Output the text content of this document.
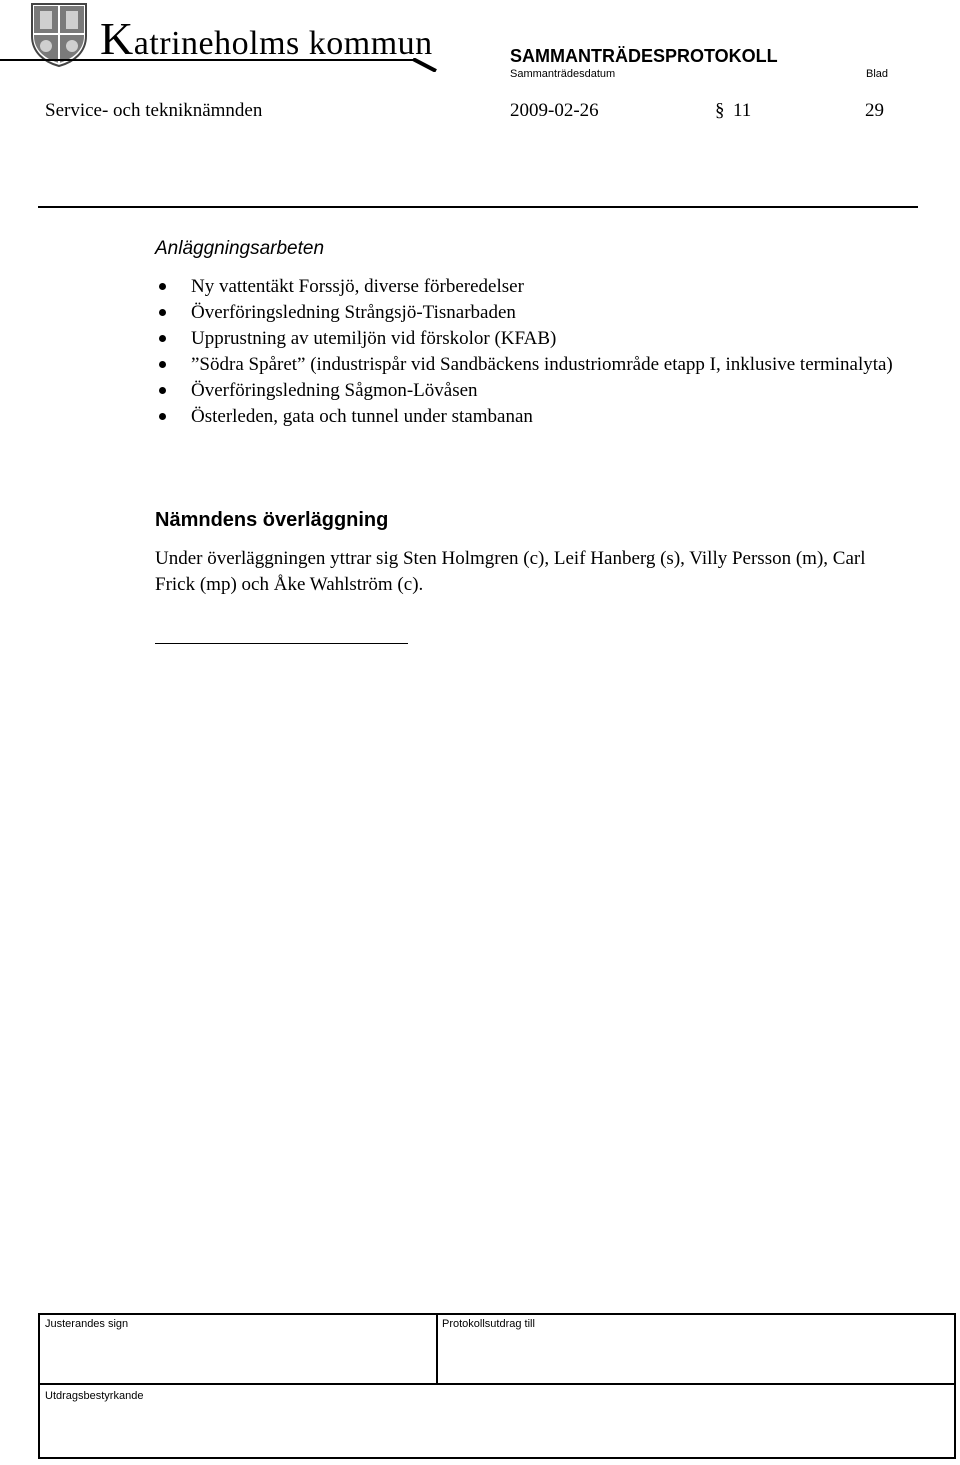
Katrineholms kommun	SAMMANTRÄDESPROTOKOLL
Sammanträdesdatum	Blad
Service- och tekniknämnden	2009-02-26	§ 11	29
Anläggningsarbeten
Ny vattentäkt Forssjö, diverse förberedelser
Överföringsledning Strångsjö-Tisnarbaden
Upprustning av utemiljön vid förskolor (KFAB)
”Södra Spåret” (industrispår vid Sandbäckens industriområde etapp I, inklusive terminalyta)
Överföringsledning Sågmon-Lövåsen
Österleden, gata och tunnel under stambanan
Nämndens överläggning
Under överläggningen yttrar sig Sten Holmgren (c), Leif Hanberg (s), Villy Persson (m), Carl Frick (mp) och Åke Wahlström (c).
Justerandes sign	Protokollsutdrag till
Utdragsbestyrkande
